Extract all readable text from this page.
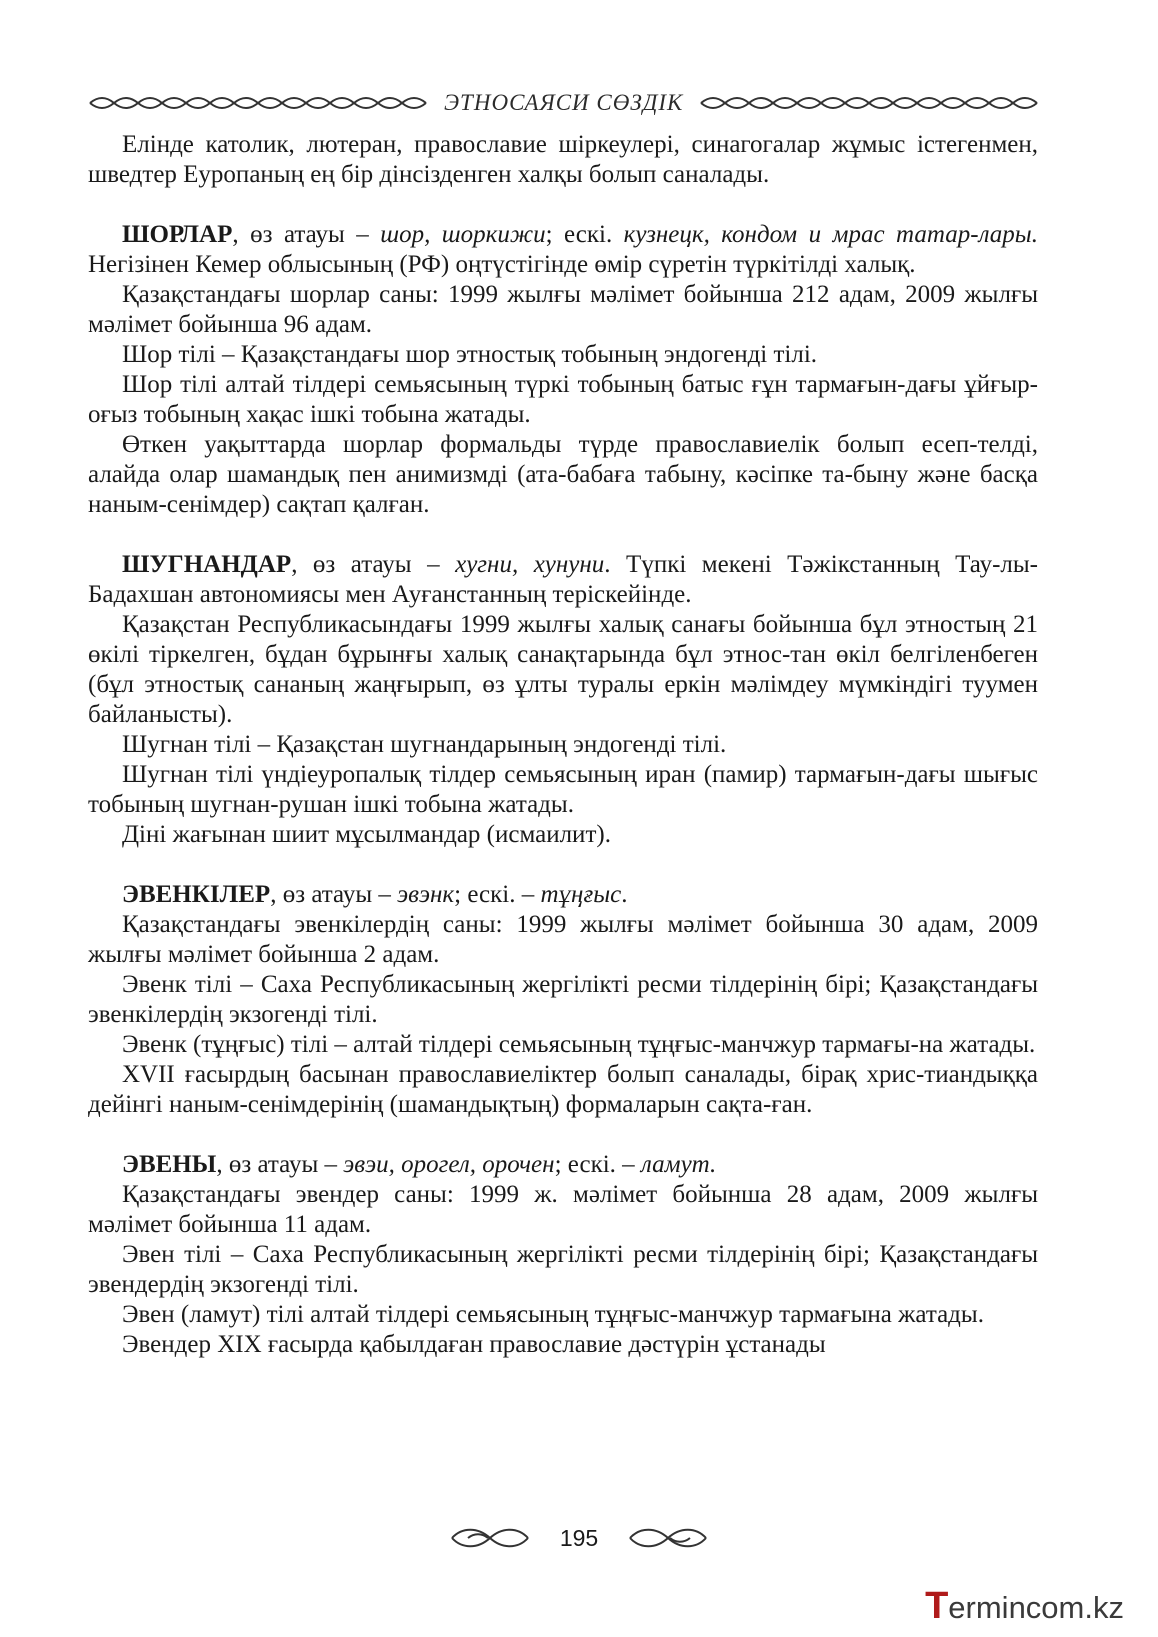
ЭТНОСАЯСИ СӨЗДІК

Елінде католик, лютеран, православие шіркеулері, синагогалар жұмыс істегенмен, шведтер Еуропаның ең бір дінсізденген халқы болып саналады.

ШОРЛАР, өз атауы – шор, шоркижи; ескі. кузнецк, кондом и мрас татар-лары. Негізінен Кемер облысының (РФ) оңтүстігінде өмір сүретін түркітілді халық.

Қазақстандағы шорлар саны: 1999 жылғы мәлімет бойынша 212 адам, 2009 жылғы мәлімет бойынша 96 адам.

Шор тілі – Қазақстандағы шор этностық тобының эндогенді тілі.

Шор тілі алтай тілдері семьясының түркі тобының батыс ғұн тармағын-дағы ұйғыр-оғыз тобының хақас ішкі тобына жатады.

Өткен уақыттарда шорлар формальды түрде православиелік болып есеп-телді, алайда олар шамандық пен анимизмді (ата-бабаға табыну, кәсіпке та-быну және басқа наным-сенімдер) сақтап қалған.

ШУГНАНДАР, өз атауы – хугни, хунуни. Түпкі мекені Тәжікстанның Тау-лы-Бадахшан автономиясы мен Ауғанстанның терiскейінде.

Қазақстан Республикасындағы 1999 жылғы халық санағы бойынша бұл этностың 21 өкілі тіркелген, бұдан бұрынғы халық санақтарында бұл этнос-тан өкіл белгіленбеген (бұл этностық сананың жаңғырып, өз ұлты туралы еркін мәлімдеу мүмкіндігі туумен байланысты).

Шугнан тілі – Қазақстан шугнандарының эндогенді тілі.

Шугнан тілі үндіеуропалық тілдер семьясының иран (памир) тармағын-дағы шығыс тобының шугнан-рушан ішкі тобына жатады.

Діні жағынан шиит мұсылмандар (исмаилит).

ЭВЕНКІЛЕР, өз атауы – эвэнк; ескі. – тұңғыс.

Қазақстандағы эвенкілердің саны: 1999 жылғы мәлімет бойынша 30 адам, 2009 жылғы мәлімет бойынша 2 адам.

Эвенк тілі – Саха Республикасының жергілікті ресми тілдерінің бірі; Қазақстандағы эвенкілердің экзогенді тілі.

Эвенк (тұңғыс) тілі – алтай тілдері семьясының тұңғыс-манчжур тармағы-на жатады.

XVII ғасырдың басынан православиеліктер болып саналады, бірақ хрис-тиандыққа дейінгі наным-сенімдерінің (шамандықтың) формаларын сақта-ған.

ЭВЕНЫ, өз атауы – эвэи, орогел, орочен; ескі. – ламут.

Қазақстандағы эвендер саны: 1999 ж. мәлімет бойынша 28 адам, 2009 жылғы мәлімет бойынша 11 адам.

Эвен тілі – Саха Республикасының жергілікті ресми тілдерінің бірі; Қазақстандағы эвендердің экзогенді тілі.

Эвен (ламут) тілі алтай тілдері семьясының тұңғыс-манчжур тармағына жатады.

Эвендер XIX ғасырда қабылдаған православие дәстүрін ұстанады

195
T ermincom.kz
